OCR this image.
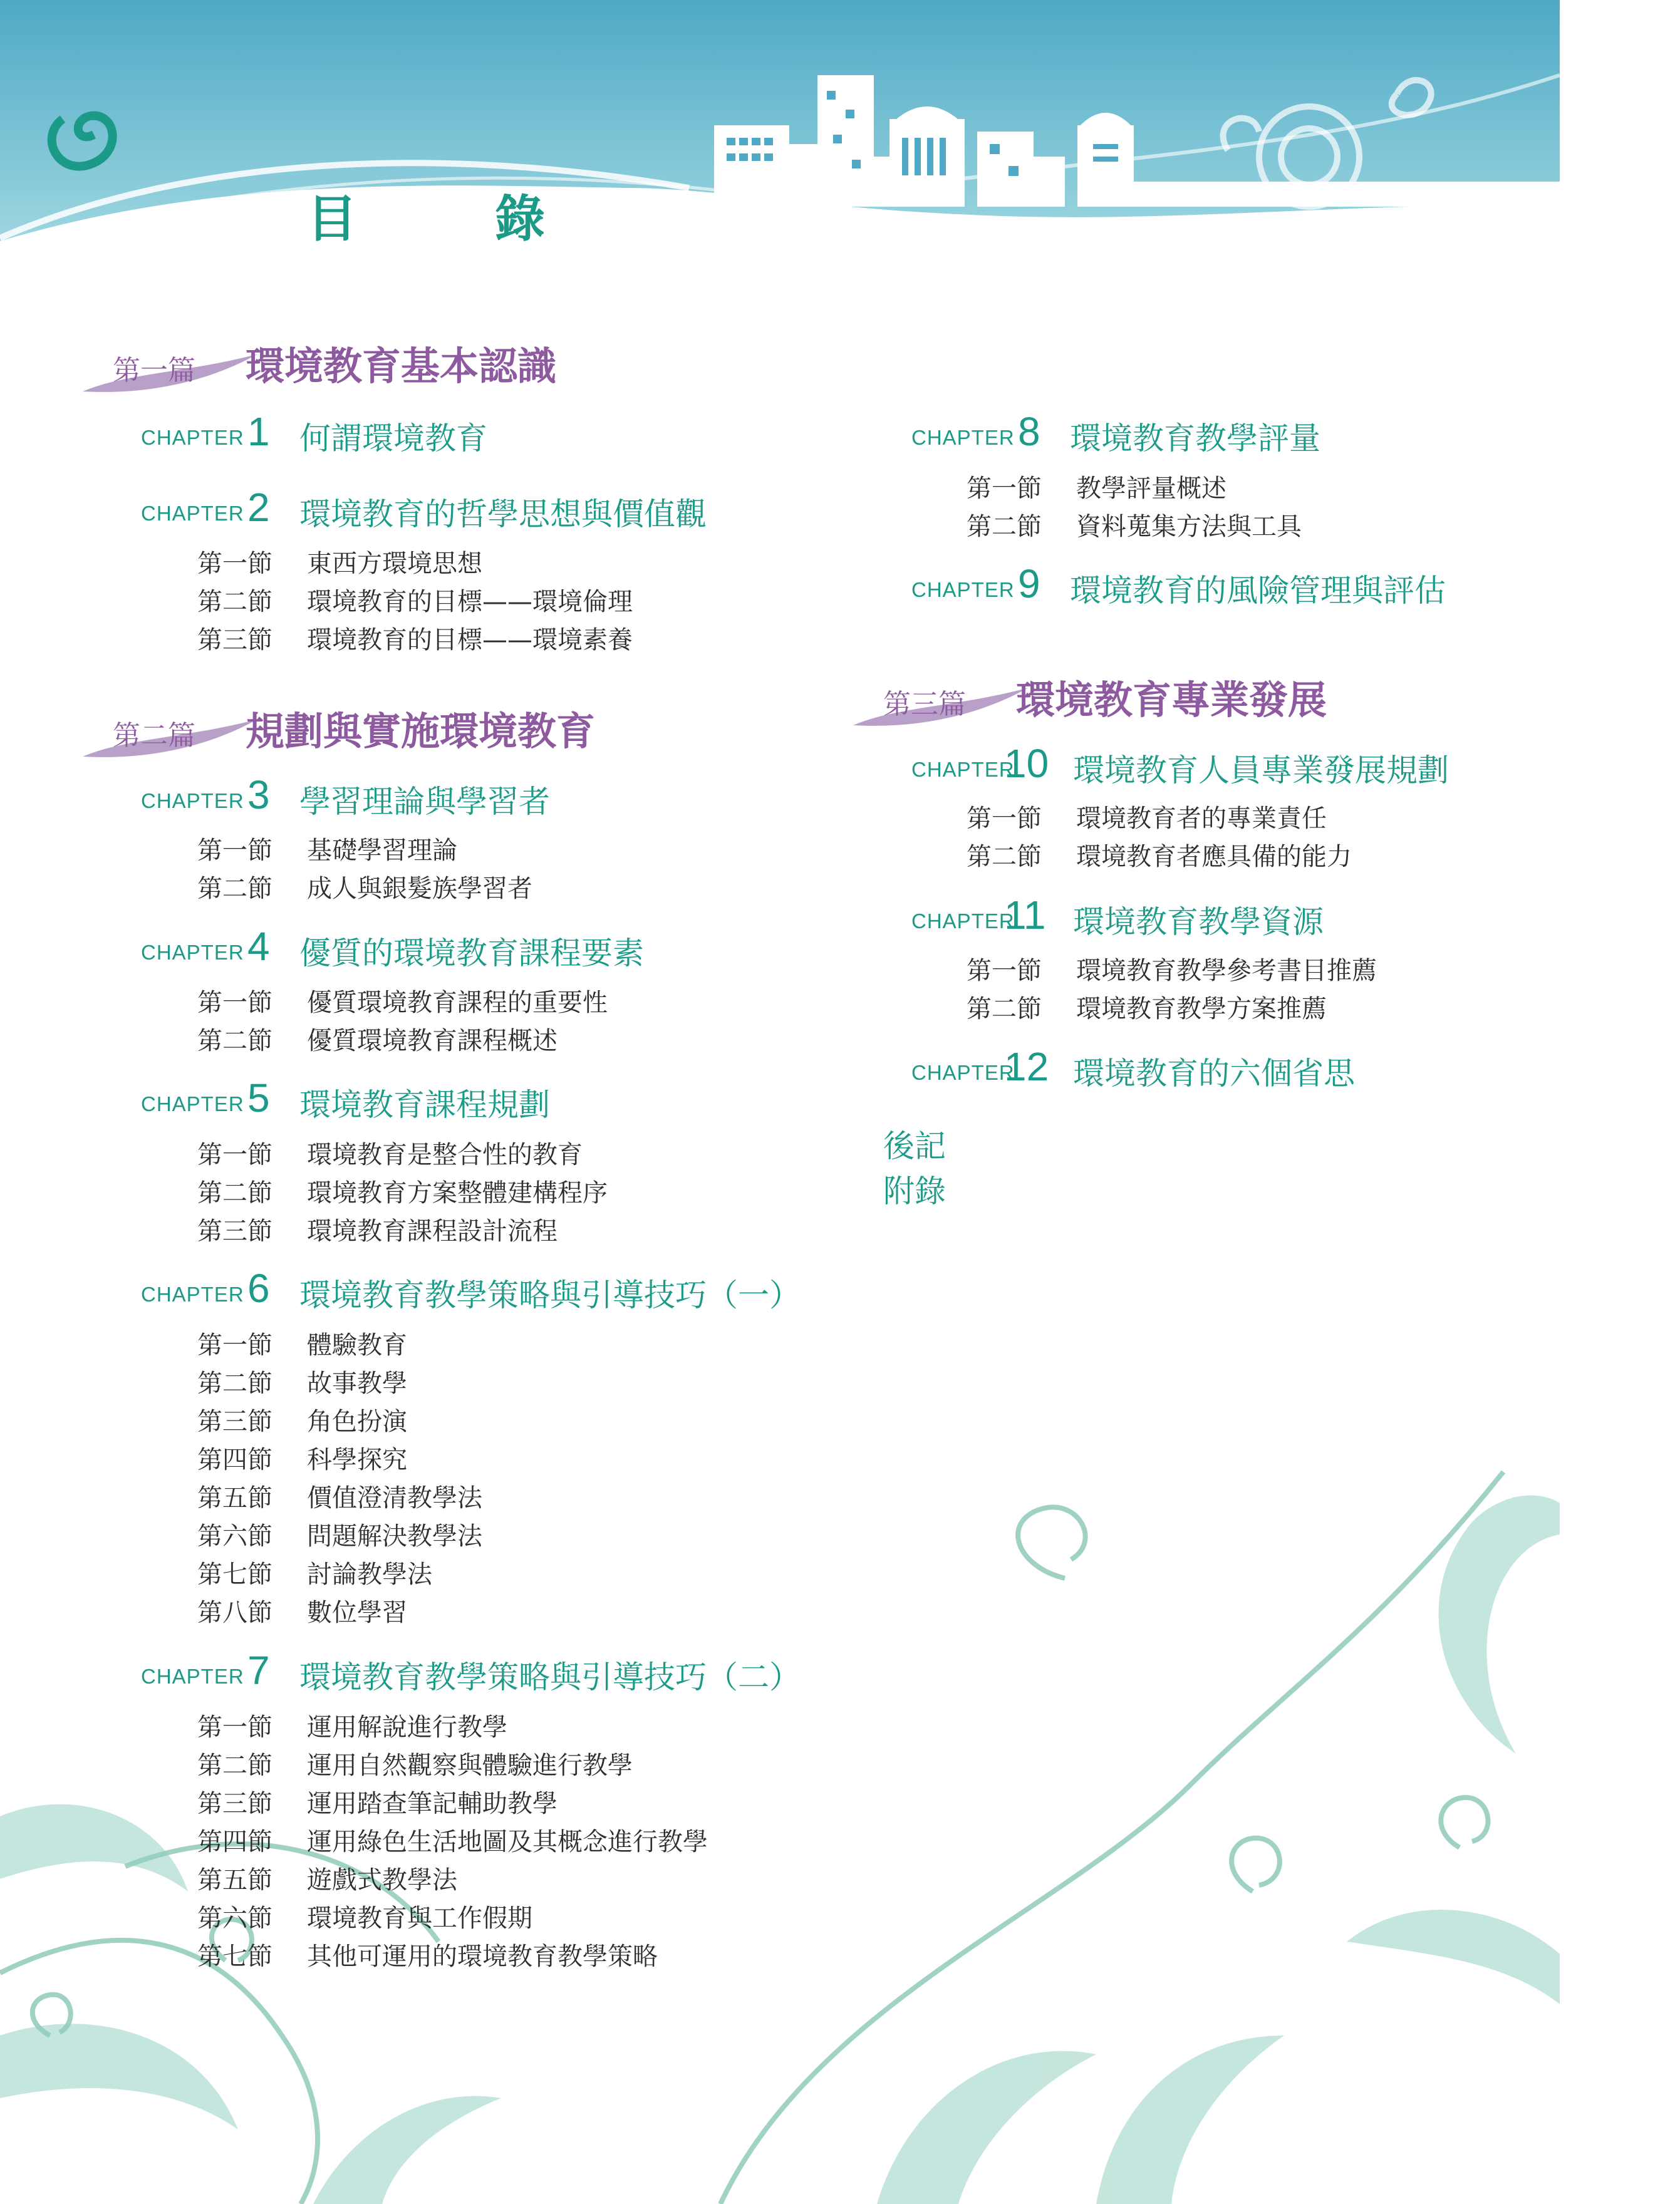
目　錄
第一篇 環境教育基本認識
第二篇 規劃與實施環境教育
第三篇 環境教育專業發展
CHAPTER 1 何謂環境教育
CHAPTER 2 環境教育的哲學思想與價值觀
第一節 東西方環境思想
第二節 環境教育的目標——環境倫理
第三節 環境教育的目標——環境素養
CHAPTER 3 學習理論與學習者
第一節 基礎學習理論
第二節 成人與銀髮族學習者
CHAPTER 4 優質的環境教育課程要素
第一節 優質環境教育課程的重要性
第二節 優質環境教育課程概述
CHAPTER 5 環境教育課程規劃
第一節 環境教育是整合性的教育
第二節 環境教育方案整體建構程序
第三節 環境教育課程設計流程
CHAPTER 6 環境教育教學策略與引導技巧（一）
第一節 體驗教育
第二節 故事教學
第三節 角色扮演
第四節 科學探究
第五節 價值澄清教學法
第六節 問題解決教學法
第七節 討論教學法
第八節 數位學習
CHAPTER 7 環境教育教學策略與引導技巧（二）
第一節 運用解說進行教學
第二節 運用自然觀察與體驗進行教學
第三節 運用踏查筆記輔助教學
第四節 運用綠色生活地圖及其概念進行教學
第五節 遊戲式教學法
第六節 環境教育與工作假期
第七節 其他可運用的環境教育教學策略
CHAPTER 8 環境教育教學評量
第一節 教學評量概述
第二節 資料蒐集方法與工具
CHAPTER 9 環境教育的風險管理與評估
CHAPTER
10 環境教育人員專業發展規劃
第一節 環境教育者的專業責任
第二節 環境教育者應具備的能力
CHAPTER
11 環境教育教學資源
第一節 環境教育教學參考書目推薦
第二節 環境教育教學方案推薦
CHAPTER
12 環境教育的六個省思
後記
附錄
